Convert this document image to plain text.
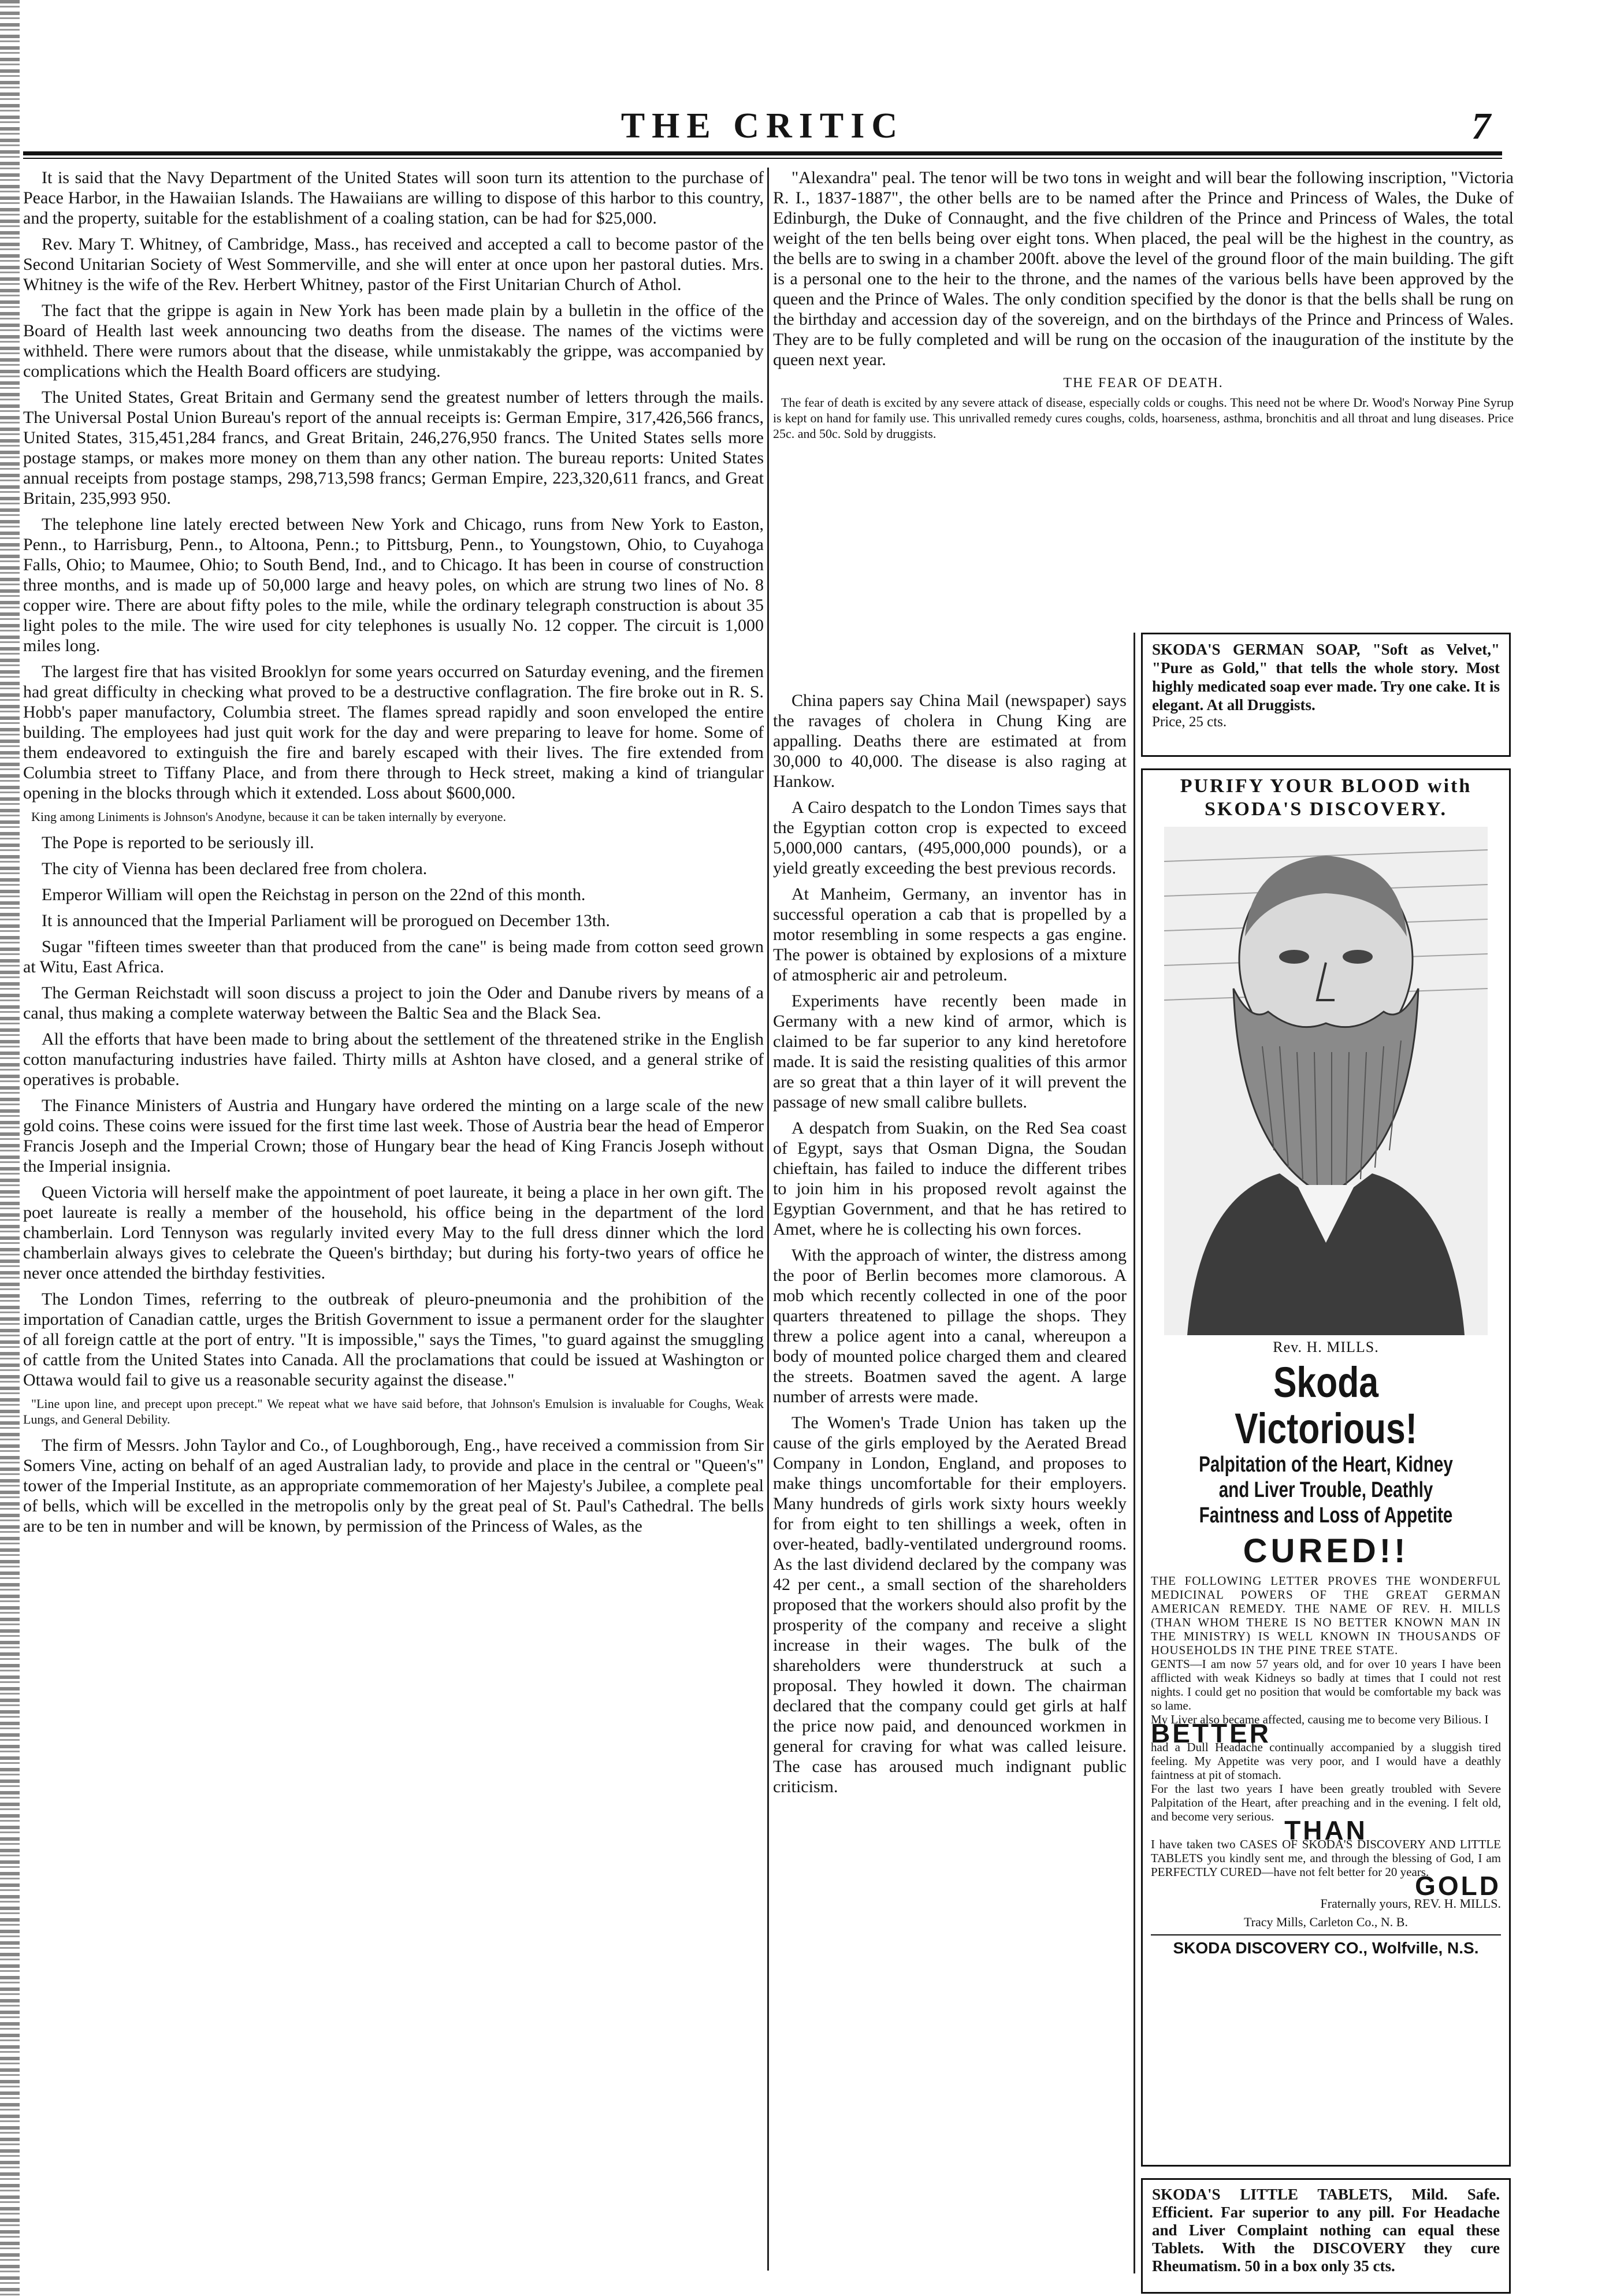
THE CRITIC	7

It is said that the Navy Department of the United States will soon turn its attention to the purchase of Peace Harbor, in the Hawaiian Islands. The Hawaiians are willing to dispose of this harbor to this country, and the property, suitable for the establishment of a coaling station, can be had for $25,000.

Rev. Mary T. Whitney, of Cambridge, Mass., has received and accepted a call to become pastor of the Second Unitarian Society of West Sommerville, and she will enter at once upon her pastoral duties. Mrs. Whitney is the wife of the Rev. Herbert Whitney, pastor of the First Unitarian Church of Athol.

The fact that the grippe is again in New York has been made plain by a bulletin in the office of the Board of Health last week announcing two deaths from the disease. The names of the victims were withheld. There were rumors about that the disease, while unmistakably the grippe, was accompanied by complications which the Health Board officers are studying.

The United States, Great Britain and Germany send the greatest number of letters through the mails. The Universal Postal Union Bureau's report of the annual receipts is: German Empire, 317,426,566 francs, United States, 315,451,284 francs, and Great Britain, 246,276,950 francs. The United States sells more postage stamps, or makes more money on them than any other nation. The bureau reports: United States annual receipts from postage stamps, 298,713,598 francs; German Empire, 223,320,611 francs, and Great Britain, 235,993 950.

The telephone line lately erected between New York and Chicago, runs from New York to Easton, Penn., to Harrisburg, Penn., to Altoona, Penn.; to Pittsburg, Penn., to Youngstown, Ohio, to Cuyahoga Falls, Ohio; to Maumee, Ohio; to South Bend, Ind., and to Chicago. It has been in course of construction three months, and is made up of 50,000 large and heavy poles, on which are strung two lines of No. 8 copper wire. There are about fifty poles to the mile, while the ordinary telegraph construction is about 35 light poles to the mile. The wire used for city telephones is usually No. 12 copper. The circuit is 1,000 miles long.

The largest fire that has visited Brooklyn for some years occurred on Saturday evening, and the firemen had great difficulty in checking what proved to be a destructive conflagration. The fire broke out in R. S. Hobb's paper manufactory, Columbia street. The flames spread rapidly and soon enveloped the entire building. The employees had just quit work for the day and were preparing to leave for home. Some of them endeavored to extinguish the fire and barely escaped with their lives. The fire extended from Columbia street to Tiffany Place, and from there through to Heck street, making a kind of triangular opening in the blocks through which it extended. Loss about $600,000.

King among Liniments is Johnson's Anodyne, because it can be taken internally by everyone.

The Pope is reported to be seriously ill.

The city of Vienna has been declared free from cholera.

Emperor William will open the Reichstag in person on the 22nd of this month.

It is announced that the Imperial Parliament will be prorogued on December 13th.

Sugar "fifteen times sweeter than that produced from the cane" is being made from cotton seed grown at Witu, East Africa.

The German Reichstadt will soon discuss a project to join the Oder and Danube rivers by means of a canal, thus making a complete waterway between the Baltic Sea and the Black Sea.

All the efforts that have been made to bring about the settlement of the threatened strike in the English cotton manufacturing industries have failed. Thirty mills at Ashton have closed, and a general strike of operatives is probable.

The Finance Ministers of Austria and Hungary have ordered the minting on a large scale of the new gold coins. These coins were issued for the first time last week. Those of Austria bear the head of Emperor Francis Joseph and the Imperial Crown; those of Hungary bear the head of King Francis Joseph without the Imperial insignia.

Queen Victoria will herself make the appointment of poet laureate, it being a place in her own gift. The poet laureate is really a member of the household, his office being in the department of the lord chamberlain. Lord Tennyson was regularly invited every May to the full dress dinner which the lord chamberlain always gives to celebrate the Queen's birthday; but during his forty-two years of office he never once attended the birthday festivities.

The London Times, referring to the outbreak of pleuro-pneumonia and the prohibition of the importation of Canadian cattle, urges the British Government to issue a permanent order for the slaughter of all foreign cattle at the port of entry. "It is impossible," says the Times, "to guard against the smuggling of cattle from the United States into Canada. All the proclamations that could be issued at Washington or Ottawa would fail to give us a reasonable security against the disease."

"Line upon line, and precept upon precept." We repeat what we have said before, that Johnson's Emulsion is invaluable for Coughs, Weak Lungs, and General Debility.

The firm of Messrs. John Taylor and Co., of Loughborough, Eng., have received a commission from Sir Somers Vine, acting on behalf of an aged Australian lady, to provide and place in the central or "Queen's" tower of the Imperial Institute, as an appropriate commemoration of her Majesty's Jubilee, a complete peal of bells, which will be excelled in the metropolis only by the great peal of St. Paul's Cathedral. The bells are to be ten in number and will be known, by permission of the Princess of Wales, as the

"Alexandra" peal. The tenor will be two tons in weight and will bear the following inscription, "Victoria R. I., 1837-1887", the other bells are to be named after the Prince and Princess of Wales, the Duke of Edinburgh, the Duke of Connaught, and the five children of the Prince and Princess of Wales, the total weight of the ten bells being over eight tons. When placed, the peal will be the highest in the country, as the bells are to swing in a chamber 200ft. above the level of the ground floor of the main building. The gift is a personal one to the heir to the throne, and the names of the various bells have been approved by the queen and the Prince of Wales. The only condition specified by the donor is that the bells shall be rung on the birthday and accession day of the sovereign, and on the birthdays of the Prince and Princess of Wales. They are to be fully completed and will be rung on the occasion of the inauguration of the institute by the queen next year.

THE FEAR OF DEATH.

The fear of death is excited by any severe attack of disease, especially colds or coughs. This need not be where Dr. Wood's Norway Pine Syrup is kept on hand for family use. This unrivalled remedy cures coughs, colds, hoarseness, asthma, bronchitis and all throat and lung diseases. Price 25c. and 50c. Sold by druggists.

China papers say China Mail (newspaper) says the ravages of cholera in Chung King are appalling. Deaths there are estimated at from 30,000 to 40,000. The disease is also raging at Hankow.

A Cairo despatch to the London Times says that the Egyptian cotton crop is expected to exceed 5,000,000 cantars, (495,000,000 pounds), or a yield greatly exceeding the best previous records.

At Manheim, Germany, an inventor has in successful operation a cab that is propelled by a motor resembling in some respects a gas engine. The power is obtained by explosions of a mixture of atmospheric air and petroleum.

Experiments have recently been made in Germany with a new kind of armor, which is claimed to be far superior to any kind heretofore made. It is said the resisting qualities of this armor are so great that a thin layer of it will prevent the passage of new small calibre bullets.

A despatch from Suakin, on the Red Sea coast of Egypt, says that Osman Digna, the Soudan chieftain, has failed to induce the different tribes to join him in his proposed revolt against the Egyptian Government, and that he has retired to Amet, where he is collecting his own forces.

With the approach of winter, the distress among the poor of Berlin becomes more clamorous. A mob which recently collected in one of the poor quarters threatened to pillage the shops. They threw a police agent into a canal, whereupon a body of mounted police charged them and cleared the streets. Boatmen saved the agent. A large number of arrests were made.

The Women's Trade Union has taken up the cause of the girls employed by the Aerated Bread Company in London, England, and proposes to make things uncomfortable for their employers. Many hundreds of girls work sixty hours weekly for from eight to ten shillings a week, often in over-heated, badly-ventilated underground rooms. As the last dividend declared by the company was 42 per cent., a small section of the shareholders proposed that the workers should also profit by the prosperity of the company and receive a slight increase in their wages. The bulk of the shareholders were thunderstruck at such a proposal. They howled it down. The chairman declared that the company could get girls at half the price now paid, and denounced workmen in general for craving for what was called leisure. The case has aroused much indignant public criticism.

SKODA'S GERMAN SOAP, "Soft as Velvet," "Pure as Gold," that tells the whole story. Most highly medicated soap ever made. Try one cake. It is elegant. At all Druggists.
Price, 25 cts.
PURIFY YOUR BLOOD with SKODA'S DISCOVERY.
Rev. H. MILLS.
Skoda Victorious!
Palpitation of the Heart, Kidney and Liver Trouble, Deathly Faintness and Loss of Appetite
CURED!!
THE FOLLOWING LETTER PROVES THE WONDERFUL MEDICINAL POWERS OF THE GREAT GERMAN AMERICAN REMEDY. THE NAME OF REV. H. MILLS (THAN WHOM THERE IS NO BETTER KNOWN MAN IN THE MINISTRY) IS WELL KNOWN IN THOUSANDS OF HOUSEHOLDS IN THE PINE TREE STATE.
GENTS—I am now 57 years old, and for over 10 years I have been afflicted with weak Kidneys so badly at times that I could not rest nights. I could get no position that would be comfortable my back was so lame.
My Liver also became affected, causing me to become very Bilious. I
BETTER
had a Dull Headache continually accompanied by a sluggish tired feeling. My Appetite was very poor, and I would have a deathly faintness at pit of stomach.
For the last two years I have been greatly troubled with Severe Palpitation of the Heart, after preaching and in the evening. I felt old, and become very serious. THAN
I have taken two CASES OF SKODA'S DISCOVERY AND LITTLE TABLETS you kindly sent me, and through the blessing of God, I am PERFECTLY CURED—have not felt better for 20 years.
GOLD
Fraternally yours, REV. H. MILLS.
Tracy Mills, Carleton Co., N. B.
SKODA DISCOVERY CO., Wolfville, N.S.
SKODA'S LITTLE TABLETS, Mild. Safe. Efficient. Far superior to any pill. For Headache and Liver Complaint nothing can equal these Tablets. With the DISCOVERY they cure Rheumatism. 50 in a box only 35 cts.
